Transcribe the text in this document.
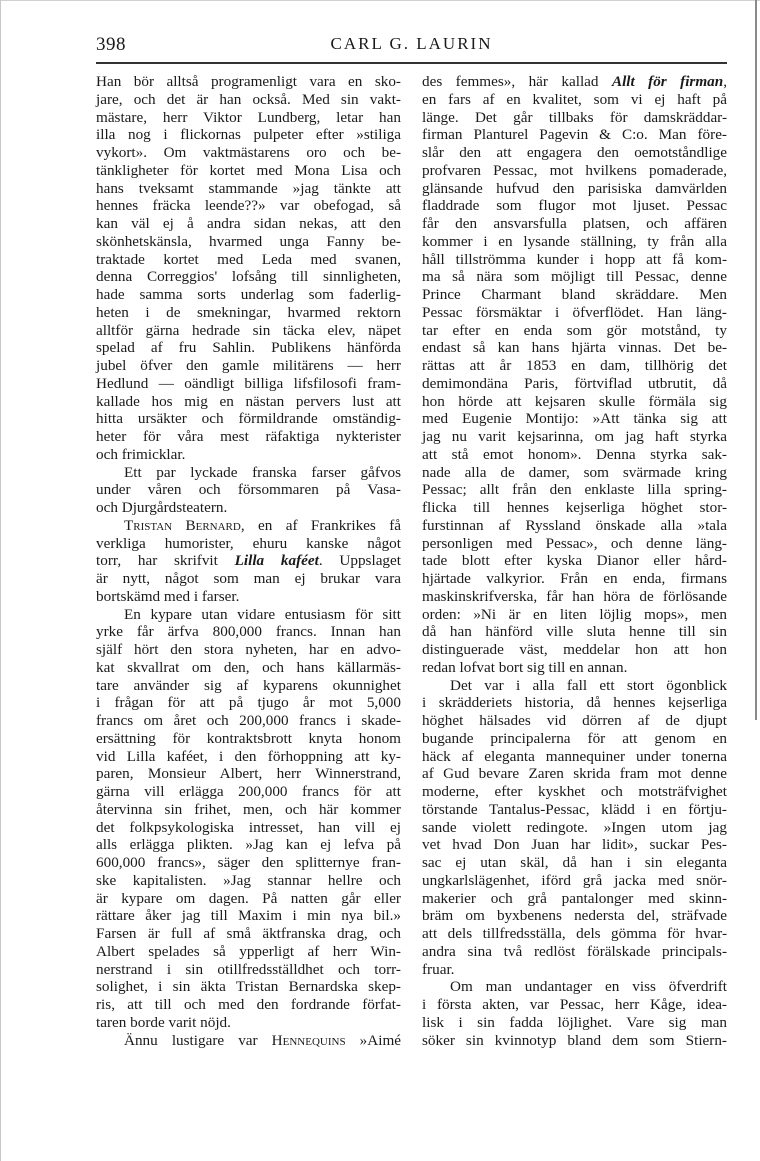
398	CARL G. LAURIN
Han bör alltså programenligt vara en sko-
jare, och det är han också. Med sin vakt-
mästare, herr Viktor Lundberg, letar han
illa nog i flickornas pulpeter efter »stiliga
vykort». Om vaktmästarens oro och be-
tänkligheter för kortet med Mona Lisa och
hans tveksamt stammande »jag tänkte att
hennes fräcka leende??» var obefogad, så
kan väl ej å andra sidan nekas, att den
skönhetskänsla, hvarmed unga Fanny be-
traktade kortet med Leda med svanen,
denna Correggios' lofsång till sinnligheten,
hade samma sorts underlag som faderlig-
heten i de smekningar, hvarmed rektorn
alltför gärna hedrade sin täcka elev, näpet
spelad af fru Sahlin. Publikens hänförda
jubel öfver den gamle militärens — herr
Hedlund — oändligt billiga lifsfilosofi fram-
kallade hos mig en nästan pervers lust att
hitta ursäkter och förmildrande omständig-
heter för våra mest räfaktiga nykterister
och frimicklar.
Ett par lyckade franska farser gåfvos
under våren och försommaren på Vasa-
och Djurgårdsteatern.
Tristan Bernard, en af Frankrikes få
verkliga humorister, ehuru kanske något
torr, har skrifvit Lilla kaféet. Uppslaget
är nytt, något som man ej brukar vara
bortskämd med i farser.
En kypare utan vidare entusiasm för sitt
yrke får ärfva 800,000 francs. Innan han
själf hört den stora nyheten, har en advo-
kat skvallrat om den, och hans källarmäs-
tare använder sig af kyparens okunnighet
i frågan för att på tjugo år mot 5,000
francs om året och 200,000 francs i skade-
ersättning för kontraktsbrott knyta honom
vid Lilla kaféet, i den förhoppning att ky-
paren, Monsieur Albert, herr Winnerstrand,
gärna vill erlägga 200,000 francs för att
återvinna sin frihet, men, och här kommer
det folkpsykologiska intresset, han vill ej
alls erlägga plikten. »Jag kan ej lefva på
600,000 francs», säger den splitternye fran-
ske kapitalisten. »Jag stannar hellre och
är kypare om dagen. På natten går eller
rättare åker jag till Maxim i min nya bil.»
Farsen är full af små äktfranska drag, och
Albert spelades så ypperligt af herr Win-
nerstrand i sin otillfredsställdhet och torr-
solighet, i sin äkta Tristan Bernardska skep-
ris, att till och med den fordrande förfat-
taren borde varit nöjd.
Ännu lustigare var Hennequins »Aimé
des femmes», här kallad Allt för firman,
en fars af en kvalitet, som vi ej haft på
länge. Det går tillbaks för damskräddar-
firman Planturel Pagevin & C:o. Man före-
slår den att engagera den oemotståndlige
profvaren Pessac, mot hvilkens pomaderade,
glänsande hufvud den parisiska damvärlden
fladdrade som flugor mot ljuset. Pessac
får den ansvarsfulla platsen, och affären
kommer i en lysande ställning, ty från alla
håll tillströmma kunder i hopp att få kom-
ma så nära som möjligt till Pessac, denne
Prince Charmant bland skräddare. Men
Pessac försmäktar i öfverflödet. Han läng-
tar efter en enda som gör motstånd, ty
endast så kan hans hjärta vinnas. Det be-
rättas att år 1853 en dam, tillhörig det
demimondäna Paris, förtviflad utbrutit, då
hon hörde att kejsaren skulle förmäla sig
med Eugenie Montijo: »Att tänka sig att
jag nu varit kejsarinna, om jag haft styrka
att stå emot honom». Denna styrka sak-
nade alla de damer, som svärmade kring
Pessac; allt från den enklaste lilla spring-
flicka till hennes kejserliga höghet stor-
furstinnan af Ryssland önskade alla »tala
personligen med Pessac», och denne läng-
tade blott efter kyska Dianor eller hård-
hjärtade valkyrior. Från en enda, firmans
maskinskrifverska, får han höra de förlösande
orden: »Ni är en liten löjlig mops», men
då han hänförd ville sluta henne till sin
distinguerade väst, meddelar hon att hon
redan lofvat bort sig till en annan.
Det var i alla fall ett stort ögonblick
i skrädderiets historia, då hennes kejserliga
höghet hälsades vid dörren af de djupt
bugande principalerna för att genom en
häck af eleganta mannequiner under tonerna
af Gud bevare Zaren skrida fram mot denne
moderne, efter kyskhet och motsträfvighet
törstande Tantalus-Pessac, klädd i en förtju-
sande violett redingote. »Ingen utom jag
vet hvad Don Juan har lidit», suckar Pes-
sac ej utan skäl, då han i sin eleganta
ungkarlslägenhet, iförd grå jacka med snör-
makerier och grå pantalonger med skinn-
bräm om byxbenens nedersta del, sträfvade
att dels tillfredsställa, dels gömma för hvar-
andra sina två redlöst förälskade principals-
fruar.
Om man undantager en viss öfverdrift
i första akten, var Pessac, herr Kåge, idea-
lisk i sin fadda löjlighet. Vare sig man
söker sin kvinnotyp bland dem som Stiern-
